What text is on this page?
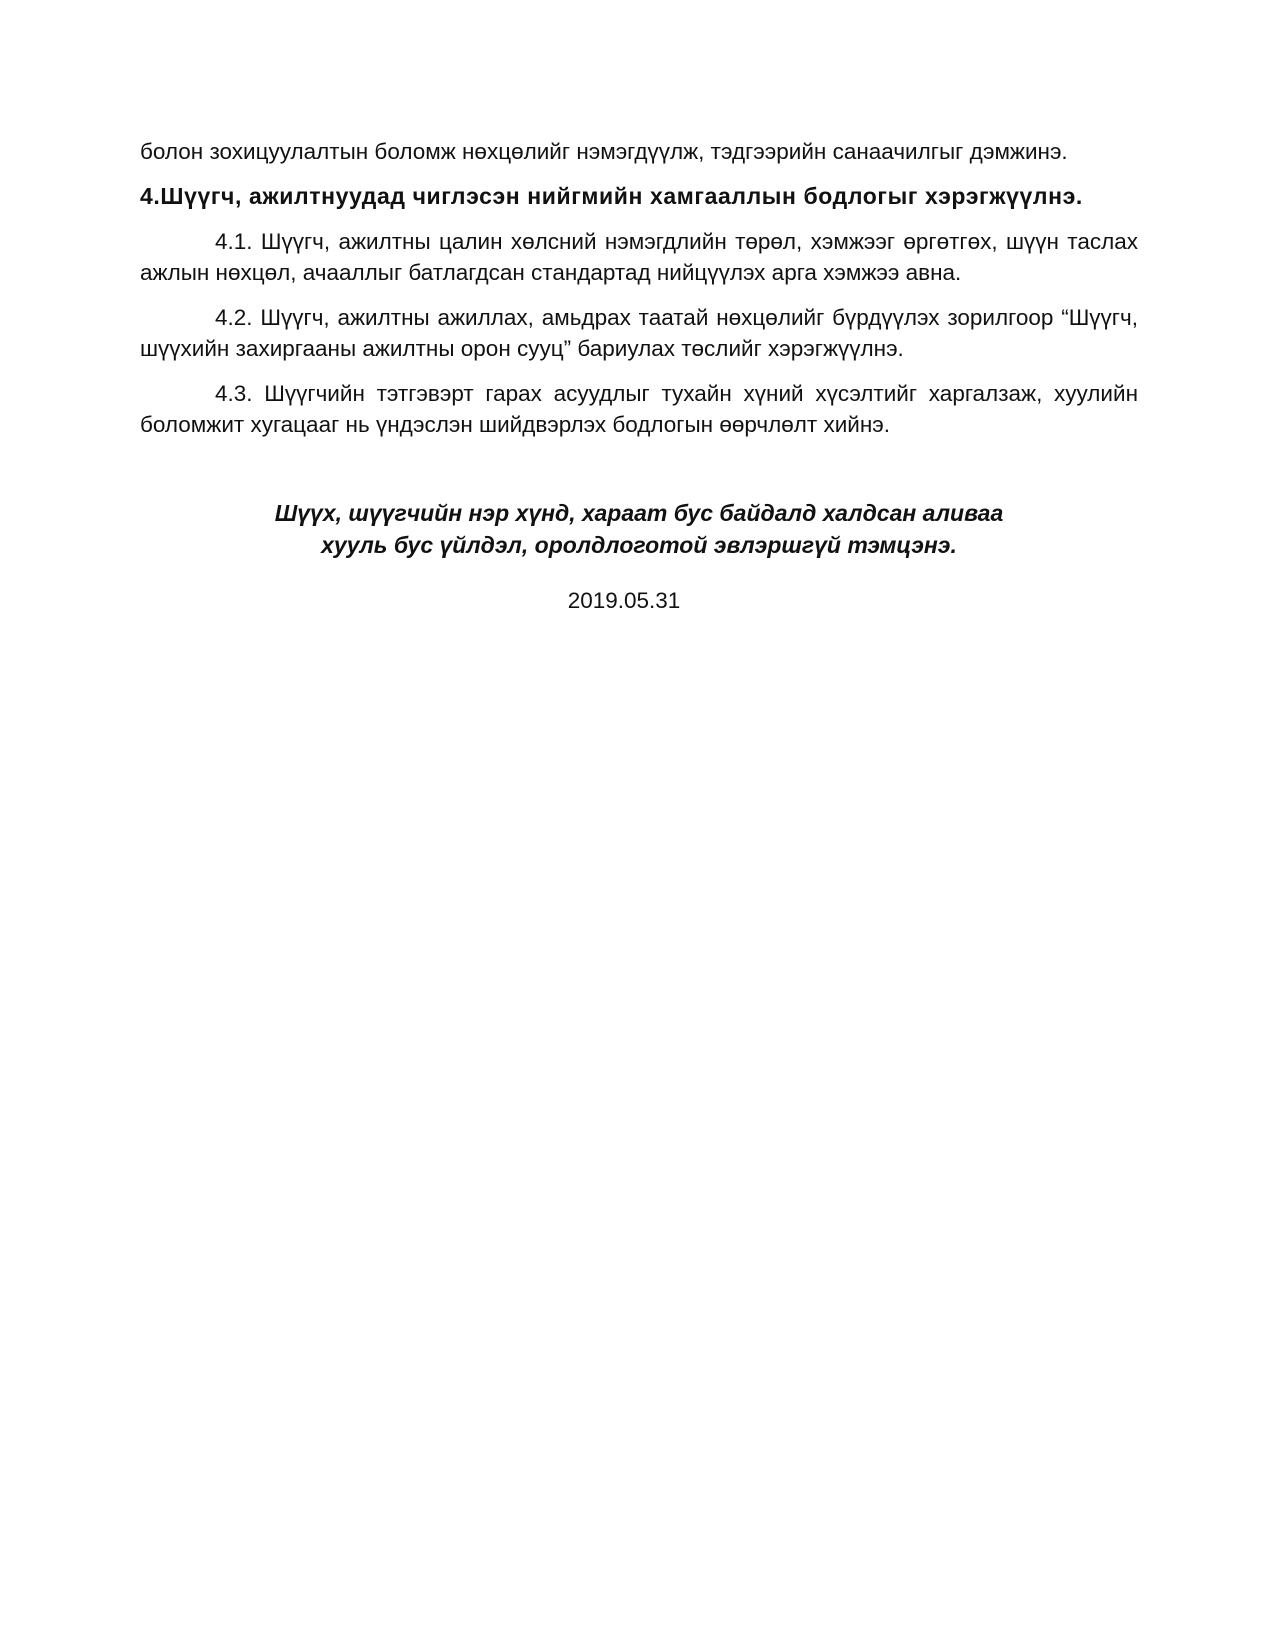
болон зохицуулалтын боломж нөхцөлийг нэмэгдүүлж, тэдгээрийн санаачилгыг дэмжинэ.

4.Шүүгч, ажилтнуудад чиглэсэн нийгмийн хамгааллын бодлогыг хэрэгжүүлнэ.

4.1. Шүүгч, ажилтны цалин хөлсний нэмэгдлийн төрөл, хэмжээг өргөтгөх, шүүн таслах ажлын нөхцөл, ачааллыг батлагдсан стандартад нийцүүлэх арга хэмжээ авна.

4.2. Шүүгч, ажилтны ажиллах, амьдрах таатай нөхцөлийг бүрдүүлэх зорилгоор “Шүүгч, шүүхийн захиргааны ажилтны орон сууц” бариулах төслийг хэрэгжүүлнэ.

4.3. Шүүгчийн тэтгэвэрт гарах асуудлыг тухайн хүний хүсэлтийг харгалзаж, хуулийн боломжит хугацааг нь үндэслэн шийдвэрлэх бодлогын өөрчлөлт хийнэ.

Шүүх, шүүгчийн нэр хүнд, хараат бус байдалд халдсан аливаа
хууль бус үйлдэл, оролдлоготой эвлэршгүй тэмцэнэ.
2019.05.31
